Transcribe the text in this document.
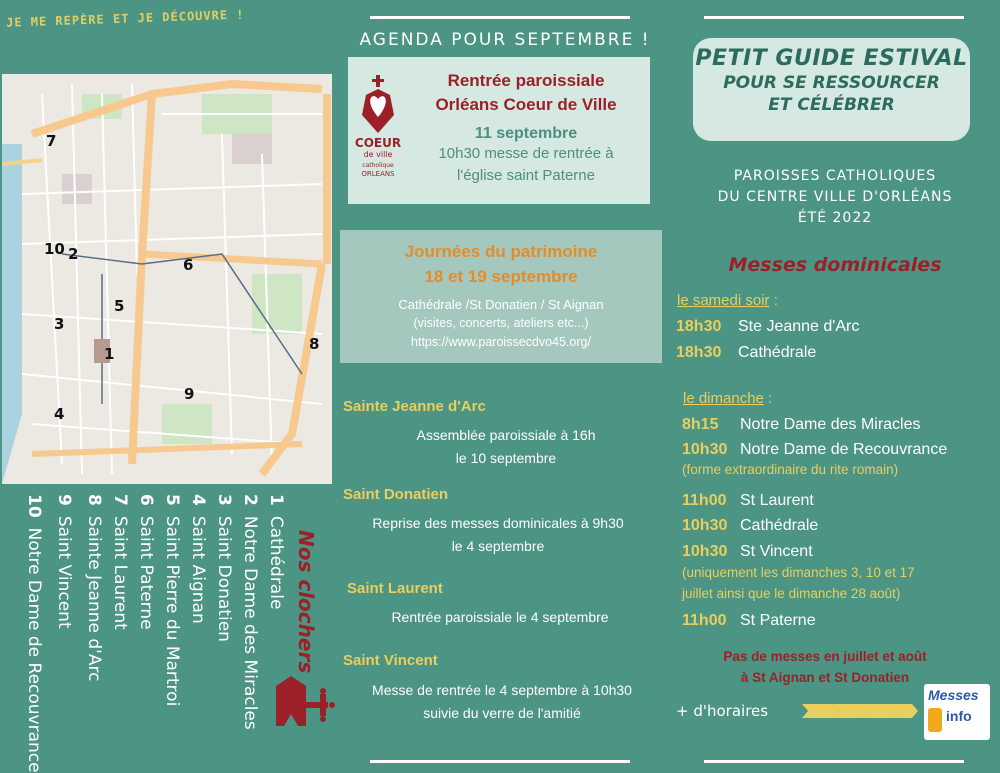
JE ME REPÈRE ET JE DÉCOUVRE !
1
2
3
4
5
6
7
8
9
10
1Cathédrale
2Notre Dame des Miracles
3Saint Donatien
4Saint Aignan
5Saint Pierre du Martroi
6Saint Paterne
7Saint Laurent
8Sainte Jeanne d'Arc
9Saint Vincent
10Notre Dame de Recouvrance	Nos clochers
AGENDA POUR SEPTEMBRE !
COEUR
de ville
catholique
ORLEANS
Rentrée paroissiale
Orléans Coeur de Ville
11 septembre
10h30 messe de rentrée à
l'église saint Paterne
Journées du patrimoine
18 et 19 septembre
Cathédrale /St Donatien / St Aignan
(visites, concerts, ateliers etc...)
https://www.paroissecdvo45.org/
Sainte Jeanne d'Arc
Assemblée paroissiale à 16h
le 10 septembre
Saint Donatien
Reprise des messes dominicales à 9h30
le 4 septembre
Saint Laurent
Rentrée paroissiale le 4 septembre
Saint Vincent
Messe de rentrée le 4 septembre à 10h30
suivie du verre de l'amitié
PETIT GUIDE ESTIVAL
POUR SE RESSOURCER
ET CÉLÉBRER
PAROISSES CATHOLIQUES
DU CENTRE VILLE D'ORLÉANS
ÉTÉ 2022
Messes dominicales
le samedi soir :
18h30 Ste Jeanne d'Arc
18h30 Cathédrale
le dimanche :
8h15 Notre Dame des Miracles
10h30 Notre Dame de Recouvrance
(forme extraordinaire du rite romain)
11h00 St Laurent
10h30 Cathédrale
10h30 St Vincent
(uniquement les dimanches 3, 10 et 17
juillet ainsi que le dimanche 28 août)
11h00 St Paterne
Pas de messes en juillet et août
à St Aignan et St Donatien
+ d'horaires
Messes
info
